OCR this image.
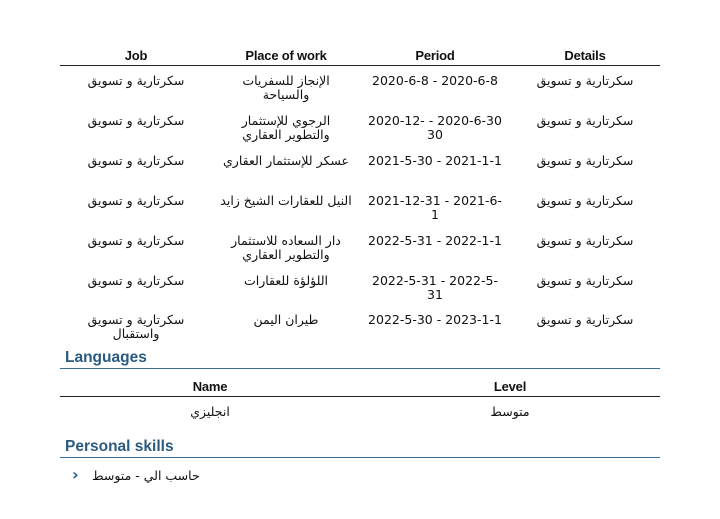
Job	Place of work	Period	Details
سكرتارية و تسويق	الإنجاز للسفريات والسياحة	2020-6-8 - 2020-6-8	سكرتارية و تسويق
سكرتارية و تسويق	الرجوي للإستثمار والتطوير العقاري	2020-12- - 2020-6-30 30	سكرتارية و تسويق
سكرتارية و تسويق	عسكر للإستثمار العقاري	2021-5-30 - 2021-1-1	سكرتارية و تسويق
سكرتارية و تسويق	النيل للعقارات الشيخ زايد	2021-12-31 - 2021-6-1	سكرتارية و تسويق
سكرتارية و تسويق	دار السعاده للاستثمار والتطوير العقاري	2022-5-31 - 2022-1-1	سكرتارية و تسويق
سكرتارية و تسويق	اللؤلؤة للعقارات	2022-5-31 - 2022-5-31	سكرتارية و تسويق
سكرتارية و تسويق واستقبال	طيران اليمن	2022-5-30 - 2023-1-1	سكرتارية و تسويق
Languages
Name	Level
انجليزي	متوسط
Personal skills
› حاسب الي - متوسط
